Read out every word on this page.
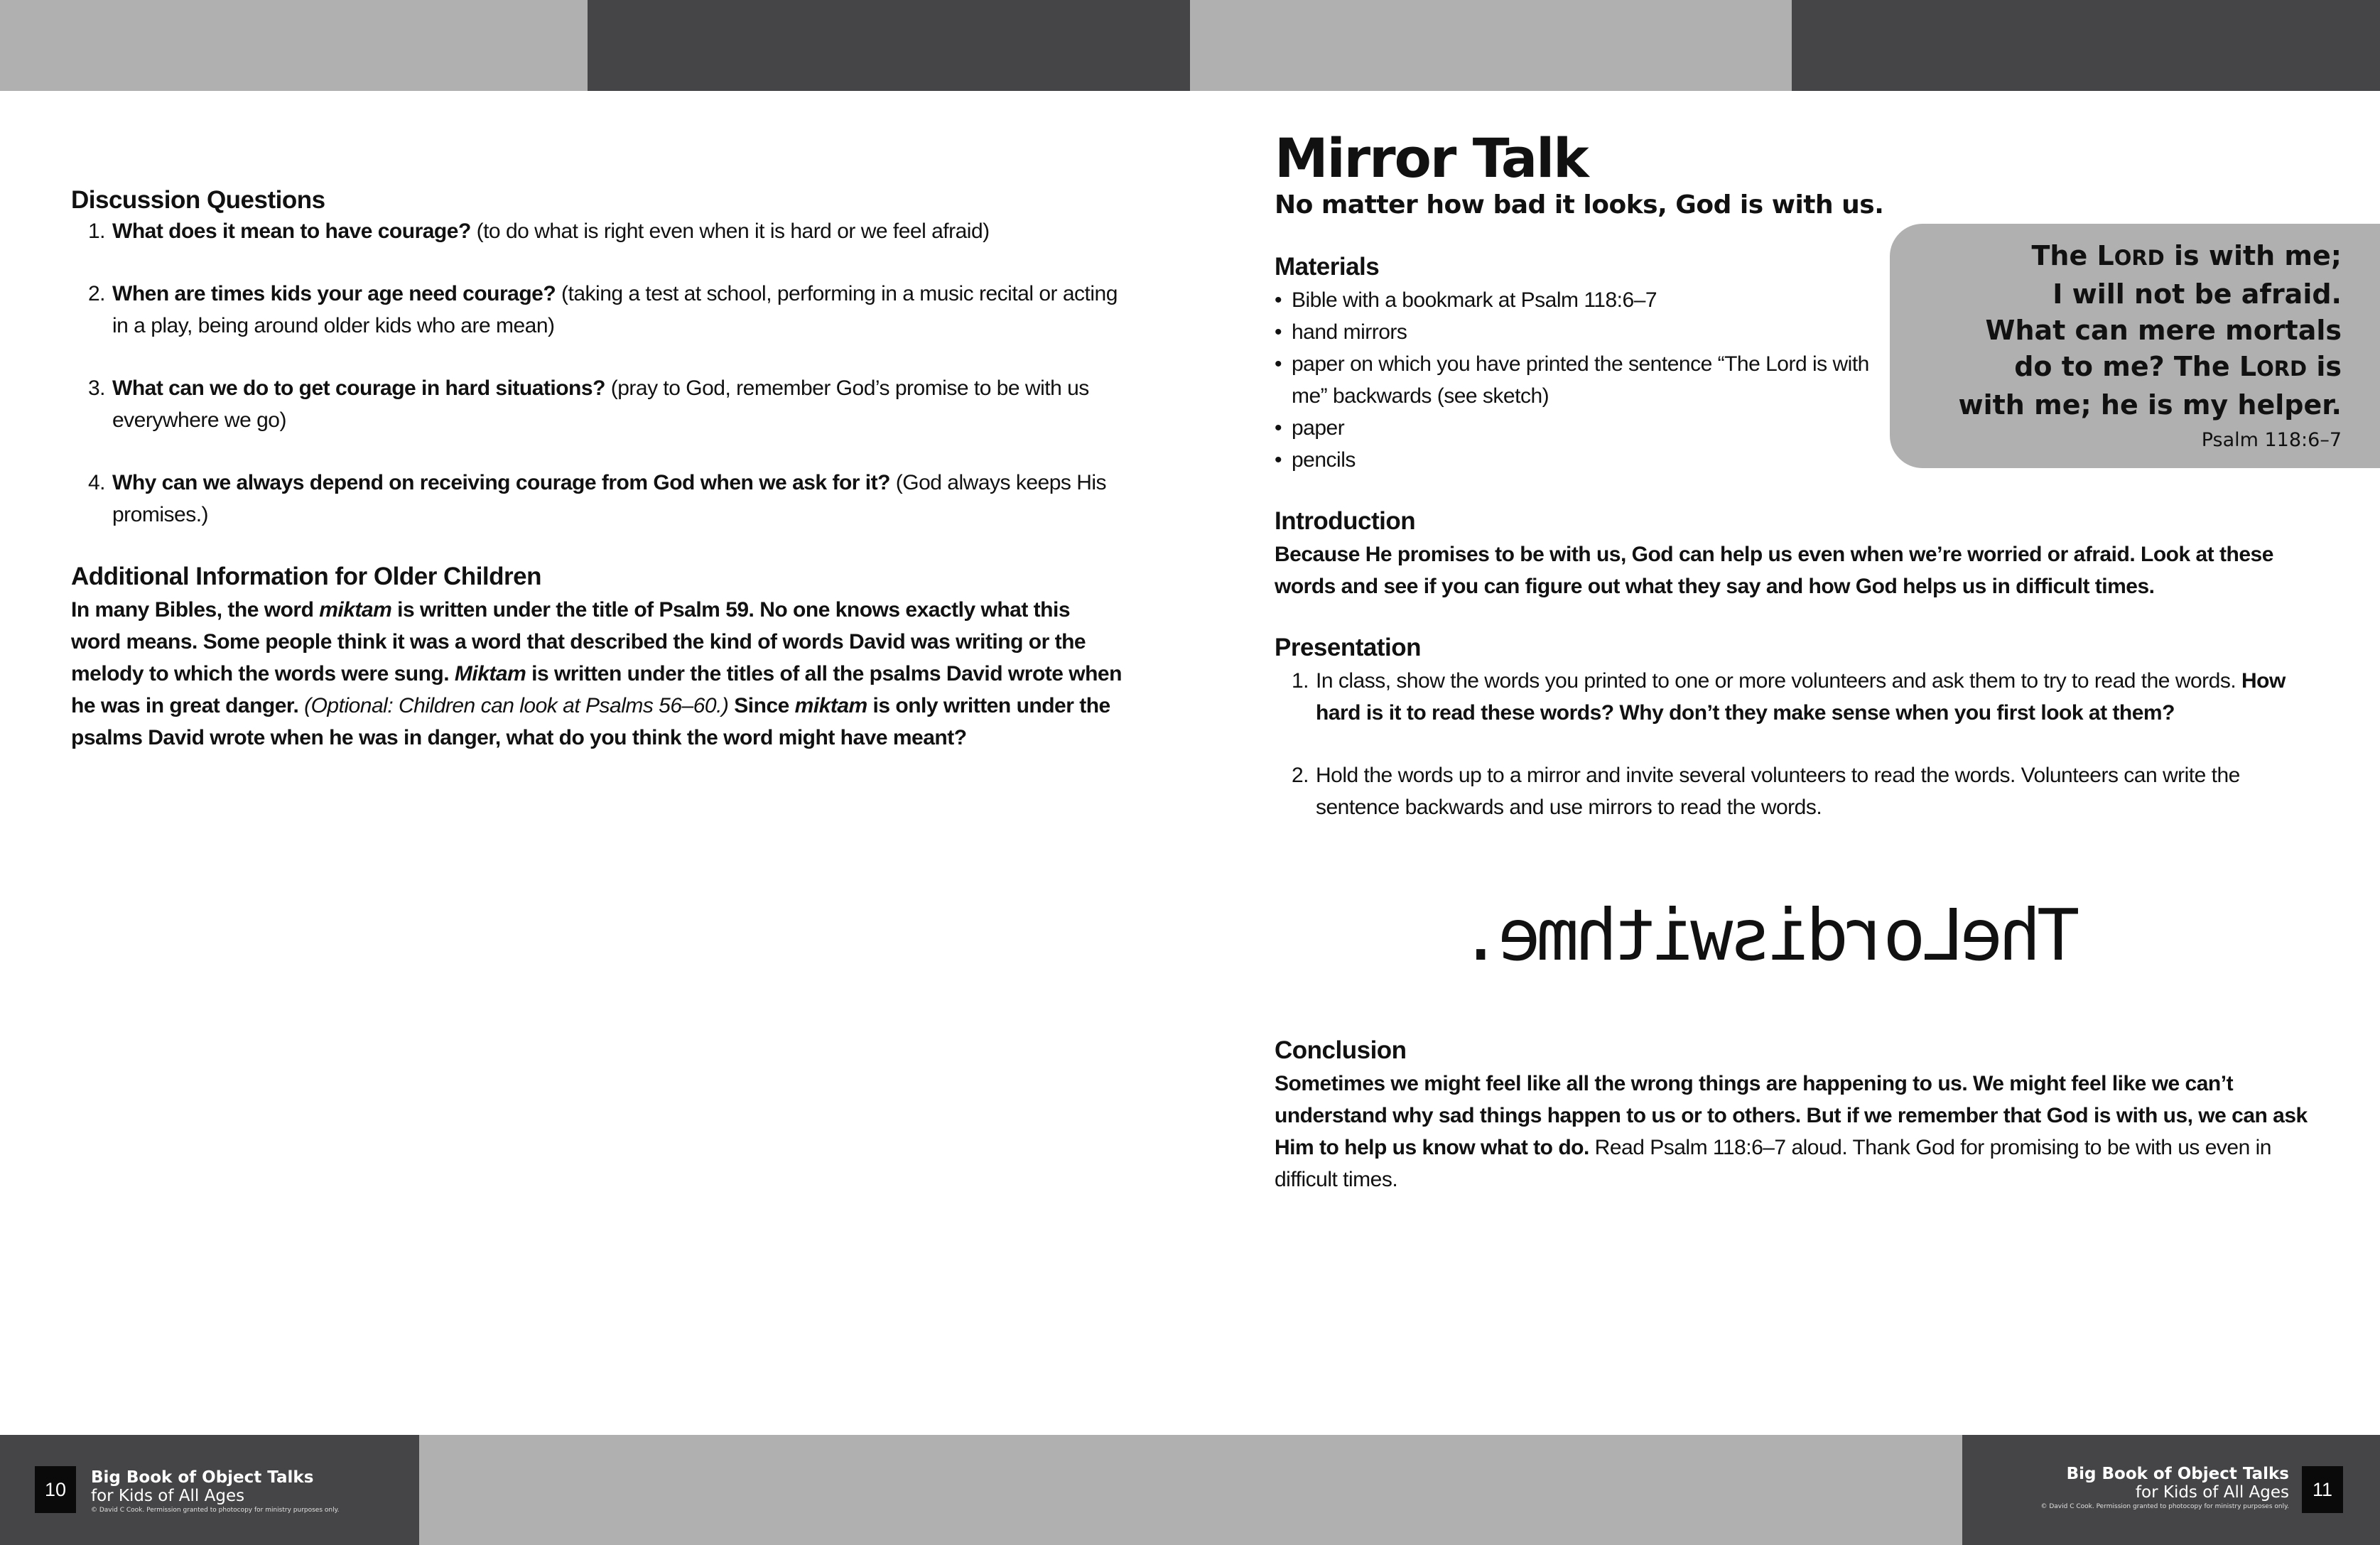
Discussion Questions
1. What does it mean to have courage? (to do what is right even when it is hard or we feel afraid)
2. When are times kids your age need courage? (taking a test at school, performing in a music recital or acting in a play, being around older kids who are mean)
3. What can we do to get courage in hard situations? (pray to God, remember God’s promise to be with us everywhere we go)
4. Why can we always depend on receiving courage from God when we ask for it? (God always keeps His promises.)
Additional Information for Older Children

In many Bibles, the word miktam is written under the title of Psalm 59. No one knows exactly what this word means. Some people think it was a word that described the kind of words David was writing or the melody to which the words were sung. Miktam is written under the titles of all the psalms David wrote when he was in great danger. (Optional: Children can look at Psalms 56–60.) Since miktam is only written under the psalms David wrote when he was in danger, what do you think the word might have meant?

Mirror Talk
No matter how bad it looks, God is with us.
Materials
• Bible with a bookmark at Psalm 118:6–7
• hand mirrors
• paper on which you have printed the sentence “The Lord is with me” backwards (see sketch)
• paper
• pencils
Introduction

Because He promises to be with us, God can help us even when we’re worried or afraid. Look at these words and see if you can figure out what they say and how God helps us in difficult times.

Presentation
1. In class, show the words you printed to one or more volunteers and ask them to try to read the words. How hard is it to read these words? Why don’t they make sense when you first look at them?
2. Hold the words up to a mirror and invite several volunteers to read the words. Volunteers can write the sentence backwards and use mirrors to read the words.
TheLordiswithme.
Conclusion

Sometimes we might feel like all the wrong things are happening to us. We might feel like we can’t understand why sad things happen to us or to others. But if we remember that God is with us, we can ask Him to help us know what to do. Read Psalm 118:6–7 aloud. Thank God for promising to be with us even in difficult times.

The LORD is with me;
I will not be afraid.
What can mere mortals
do to me? The LORD is
with me; he is my helper.
Psalm 118:6–7
10
Big Book of Object Talks
for Kids of All Ages
© David C Cook. Permission granted to photocopy for ministry purposes only.
11
Big Book of Object Talks
for Kids of All Ages
© David C Cook. Permission granted to photocopy for ministry purposes only.
